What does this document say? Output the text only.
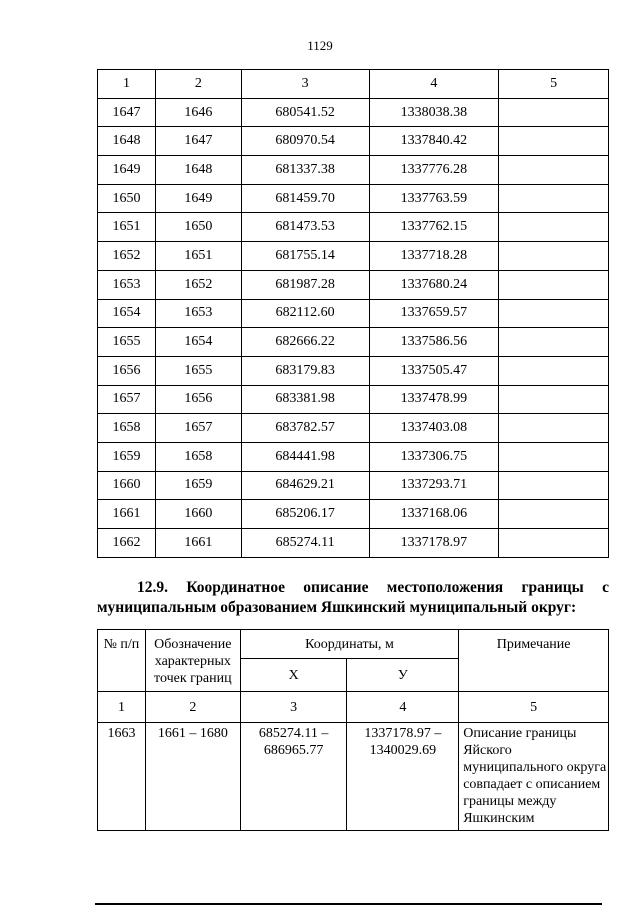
1129
1	2	3	4	5
1647	1646	680541.52	1338038.38	
1648	1647	680970.54	1337840.42	
1649	1648	681337.38	1337776.28	
1650	1649	681459.70	1337763.59	
1651	1650	681473.53	1337762.15	
1652	1651	681755.14	1337718.28	
1653	1652	681987.28	1337680.24	
1654	1653	682112.60	1337659.57	
1655	1654	682666.22	1337586.56	
1656	1655	683179.83	1337505.47	
1657	1656	683381.98	1337478.99	
1658	1657	683782.57	1337403.08	
1659	1658	684441.98	1337306.75	
1660	1659	684629.21	1337293.71	
1661	1660	685206.17	1337168.06	
1662	1661	685274.11	1337178.97	
12.9. Координатное описание местоположения границы с
муниципальным образованием Яшкинский муниципальный округ:
№ п/п	Обозначение характерных точек границ	Координаты, м		Примечание
		Х	У	
1	2	3	4	5
1663	1661 – 1680	685274.11 – 686965.77	1337178.97 – 1340029.69	Описание границы Яйского муниципального округа совпадает с описанием границы между Яшкинским
